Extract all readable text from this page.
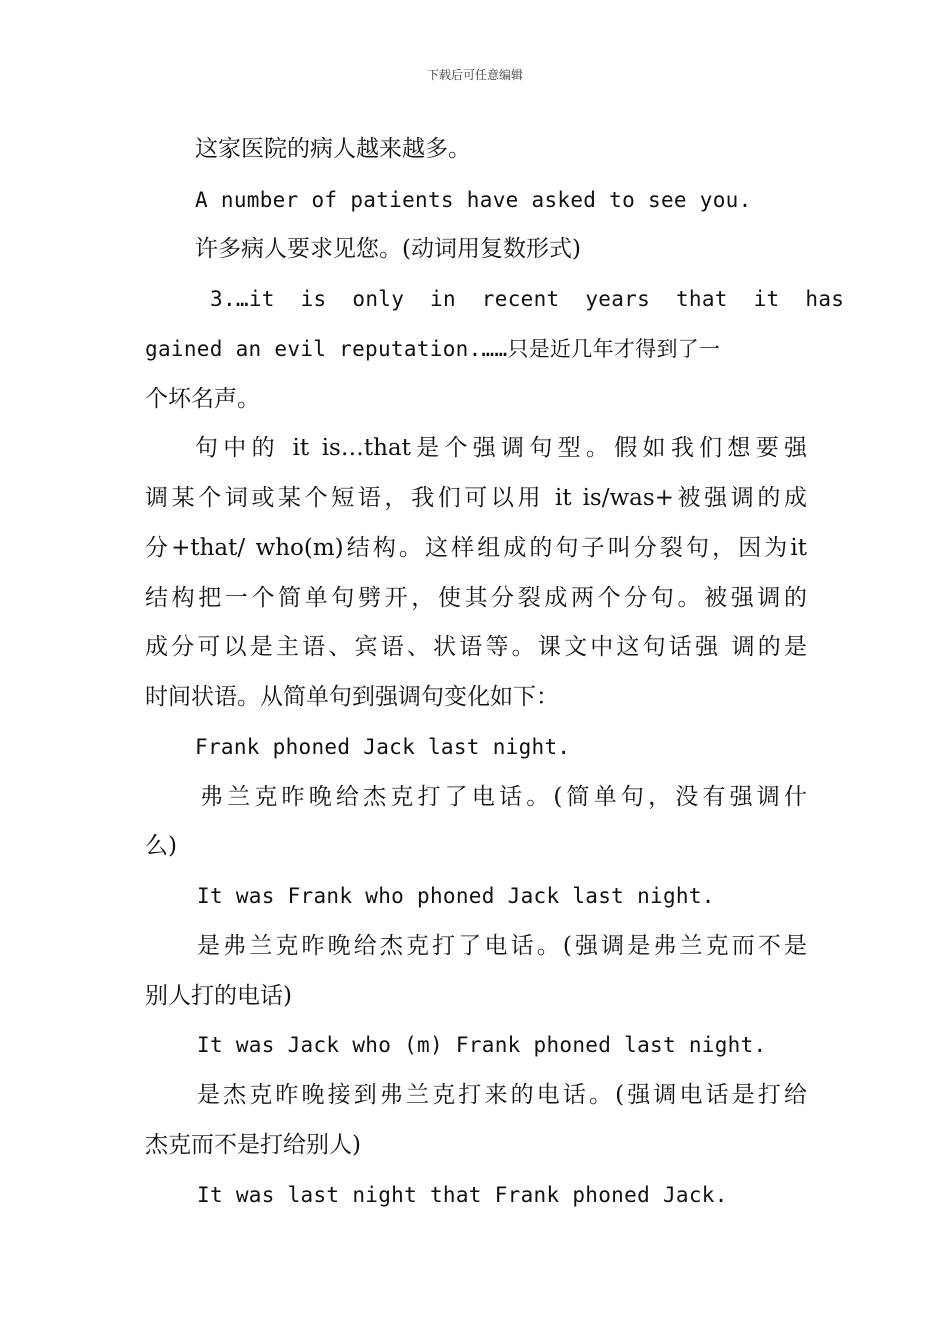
下载后可任意编辑
这家医院的病人越来越多。
A number of patients have asked to see you.
许多病人要求见您。(动词用复数形式)
3.…it  is  only  in  recent  years  that  it  has
gained an evil reputation.……只是近几年才得到了一
个坏名声。
句中的 it is…that是个强调句型。假如我们想要强
调某个词或某个短语，我们可以用 it is/was+被强调的成
分+that/ who(m)结构。这样组成的句子叫分裂句，因为it
结构把一个简单句劈开，使其分裂成两个分句。被强调的
成分可以是主语、宾语、状语等。课文中这句话强 调的是
时间状语。从简单句到强调句变化如下：
Frank phoned Jack last night.
弗兰克昨晚给杰克打了电话。(简单句，没有强调什
么)
It was Frank who phoned Jack last night.
是弗兰克昨晚给杰克打了电话。(强调是弗兰克而不是
别人打的电话)
It was Jack who (m) Frank phoned last night.
是杰克昨晚接到弗兰克打来的电话。(强调电话是打给
杰克而不是打给别人)
It was last night that Frank phoned Jack.
